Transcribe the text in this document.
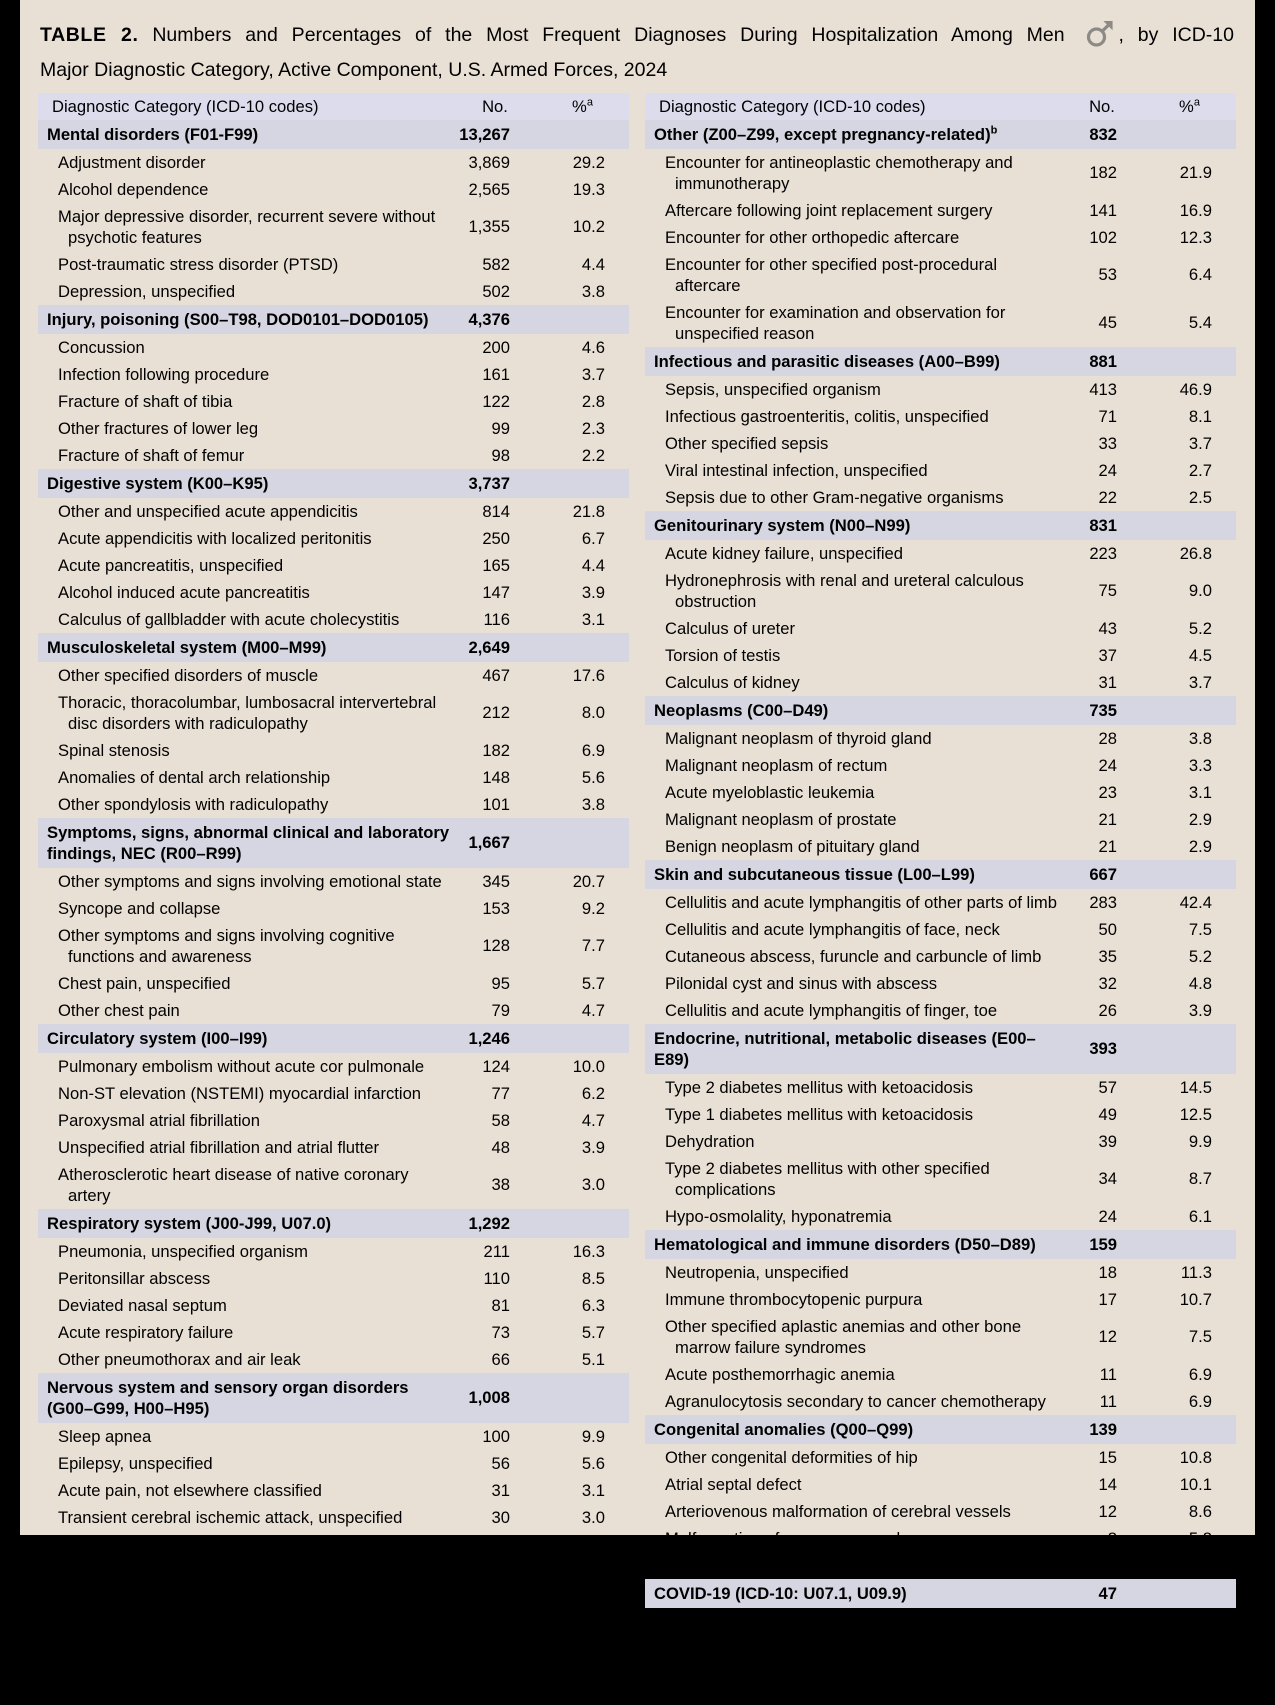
TABLE 2. Numbers and Percentages of the Most Frequent Diagnoses During Hospitalization Among Men	, by ICD-10
Major Diagnostic Category, Active Component, U.S. Armed Forces, 2024
Diagnostic Category (ICD-10 codes)	No.	%$^a$
Mental disorders (F01-F99)	13,267	
Adjustment disorder	3,869	29.2
Alcohol dependence	2,565	19.3
Major depressive disorder, recurrent severe without psychotic features	1,355	10.2
Post-traumatic stress disorder (PTSD)	582	4.4
Depression, unspecified	502	3.8
Injury, poisoning (S00–T98, DOD0101–DOD0105)	4,376	
Concussion	200	4.6
Infection following procedure	161	3.7
Fracture of shaft of tibia	122	2.8
Other fractures of lower leg	99	2.3
Fracture of shaft of femur	98	2.2
Digestive system (K00–K95)	3,737	
Other and unspecified acute appendicitis	814	21.8
Acute appendicitis with localized peritonitis	250	6.7
Acute pancreatitis, unspecified	165	4.4
Alcohol induced acute pancreatitis	147	3.9
Calculus of gallbladder with acute cholecystitis	116	3.1
Musculoskeletal system (M00–M99)	2,649	
Other specified disorders of muscle	467	17.6
Thoracic, thoracolumbar, lumbosacral intervertebral disc disorders with radiculopathy	212	8.0
Spinal stenosis	182	6.9
Anomalies of dental arch relationship	148	5.6
Other spondylosis with radiculopathy	101	3.8
Symptoms, signs, abnormal clinical and laboratory findings, NEC (R00–R99)	1,667	
Other symptoms and signs involving emotional state	345	20.7
Syncope and collapse	153	9.2
Other symptoms and signs involving cognitive functions and awareness	128	7.7
Chest pain, unspecified	95	5.7
Other chest pain	79	4.7
Circulatory system (I00–I99)	1,246	
Pulmonary embolism without acute cor pulmonale	124	10.0
Non-ST elevation (NSTEMI) myocardial infarction	77	6.2
Paroxysmal atrial fibrillation	58	4.7
Unspecified atrial fibrillation and atrial flutter	48	3.9
Atherosclerotic heart disease of native coronary artery	38	3.0
Respiratory system (J00-J99, U07.0)	1,292	
Pneumonia, unspecified organism	211	16.3
Peritonsillar abscess	110	8.5
Deviated nasal septum	81	6.3
Acute respiratory failure	73	5.7
Other pneumothorax and air leak	66	5.1
Nervous system and sensory organ disorders (G00–G99, H00–H95)	1,008	
Sleep apnea	100	9.9
Epilepsy, unspecified	56	5.6
Acute pain, not elsewhere classified	31	3.1
Transient cerebral ischemic attack, unspecified	30	3.0
Brachial plexus disorder	28	2.8
Diagnostic Category (ICD-10 codes)	No.	%$^a$
Other (Z00–Z99, except pregnancy-related)$^b$	832	
Encounter for antineoplastic chemotherapy and immunotherapy	182	21.9
Aftercare following joint replacement surgery	141	16.9
Encounter for other orthopedic aftercare	102	12.3
Encounter for other specified post-procedural aftercare	53	6.4
Encounter for examination and observation for unspecified reason	45	5.4
Infectious and parasitic diseases (A00–B99)	881	
Sepsis, unspecified organism	413	46.9
Infectious gastroenteritis, colitis, unspecified	71	8.1
Other specified sepsis	33	3.7
Viral intestinal infection, unspecified	24	2.7
Sepsis due to other Gram-negative organisms	22	2.5
Genitourinary system (N00–N99)	831	
Acute kidney failure, unspecified	223	26.8
Hydronephrosis with renal and ureteral calculous obstruction	75	9.0
Calculus of ureter	43	5.2
Torsion of testis	37	4.5
Calculus of kidney	31	3.7
Neoplasms (C00–D49)	735	
Malignant neoplasm of thyroid gland	28	3.8
Malignant neoplasm of rectum	24	3.3
Acute myeloblastic leukemia	23	3.1
Malignant neoplasm of prostate	21	2.9
Benign neoplasm of pituitary gland	21	2.9
Skin and subcutaneous tissue (L00–L99)	667	
Cellulitis and acute lymphangitis of other parts of limb	283	42.4
Cellulitis and acute lymphangitis of face, neck	50	7.5
Cutaneous abscess, furuncle and carbuncle of limb	35	5.2
Pilonidal cyst and sinus with abscess	32	4.8
Cellulitis and acute lymphangitis of finger, toe	26	3.9
Endocrine, nutritional, metabolic diseases (E00–E89)	393	
Type 2 diabetes mellitus with ketoacidosis	57	14.5
Type 1 diabetes mellitus with ketoacidosis	49	12.5
Dehydration	39	9.9
Type 2 diabetes mellitus with other specified complications	34	8.7
Hypo-osmolality, hyponatremia	24	6.1
Hematological and immune disorders (D50–D89)	159	
Neutropenia, unspecified	18	11.3
Immune thrombocytopenic purpura	17	10.7
Other specified aplastic anemias and other bone marrow failure syndromes	12	7.5
Acute posthemorrhagic anemia	11	6.9
Agranulocytosis secondary to cancer chemotherapy	11	6.9
Congenital anomalies (Q00–Q99)	139	
Other congenital deformities of hip	15	10.8
Atrial septal defect	14	10.1
Arteriovenous malformation of cerebral vessels	12	8.6
Malformation of coronary vessels	8	5.8
Meckel’s diverticulum (displaced) (hypertrophic)	7	5.0
COVID-19 (ICD-10: U07.1, U09.9)	47	
COVID-19	47	100
Abbreviations: ICD, International Classification of Diseases, 10th Revision; No., number; NSTEMI, non-ST segment elevation myocardial infarction; NEC, not elsewhere classified.
$^a$Percentage of the total number of hospitalizations within the diagnostic category.
$^b$Other factors influencing health status and contact with health services (excluding pregnancy-related).
